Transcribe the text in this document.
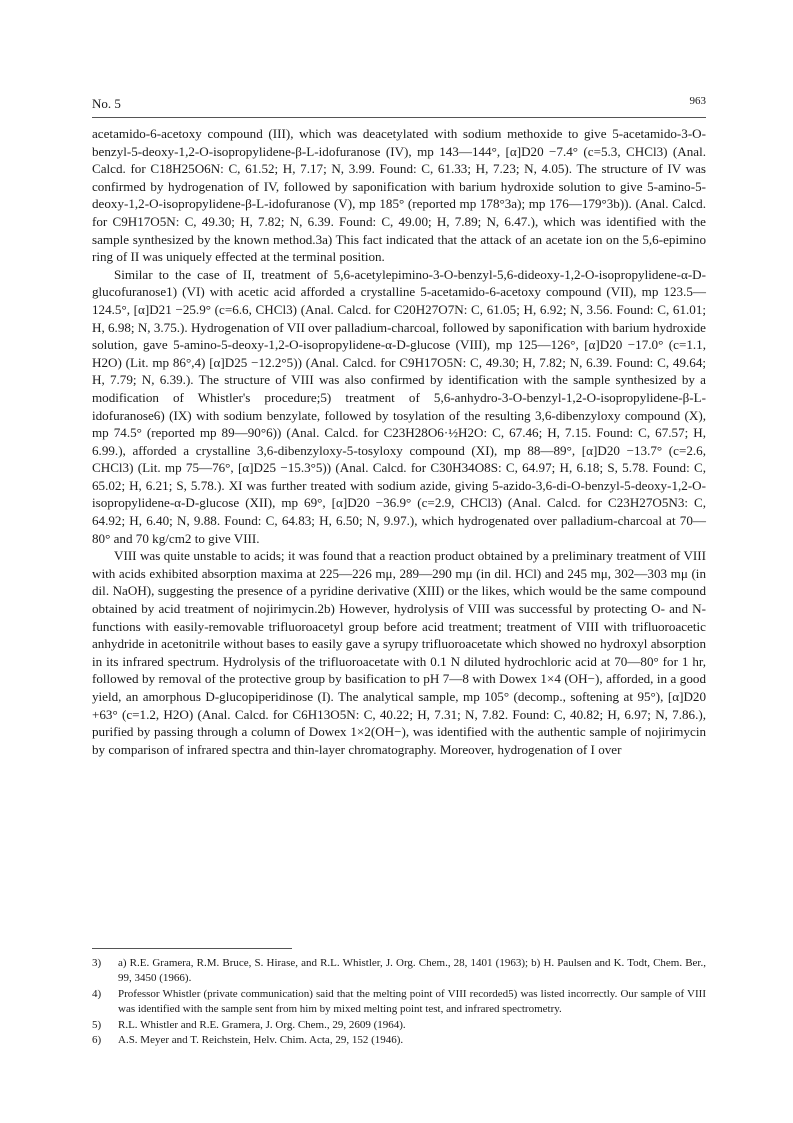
No. 5	963

acetamido-6-acetoxy compound (III), which was deacetylated with sodium methoxide to give 5-acetamido-3-O-benzyl-5-deoxy-1,2-O-isopropylidene-β-L-idofuranose (IV), mp 143—144°, [α]D20 −7.4° (c=5.3, CHCl3) (Anal. Calcd. for C18H25O6N: C, 61.52; H, 7.17; N, 3.99. Found: C, 61.33; H, 7.23; N, 4.05). The structure of IV was confirmed by hydrogenation of IV, followed by saponification with barium hydroxide solution to give 5-amino-5-deoxy-1,2-O-isopropylidene-β-L-idofuranose (V), mp 185° (reported mp 178°3a); mp 176—179°3b)). (Anal. Calcd. for C9H17O5N: C, 49.30; H, 7.82; N, 6.39. Found: C, 49.00; H, 7.89; N, 6.47.), which was identified with the sample synthesized by the known method.3a) This fact indicated that the attack of an acetate ion on the 5,6-epimino ring of II was uniquely effected at the terminal position.

Similar to the case of II, treatment of 5,6-acetylepimino-3-O-benzyl-5,6-dideoxy-1,2-O-isopropylidene-α-D-glucofuranose1) (VI) with acetic acid afforded a crystalline 5-acetamido-6-acetoxy compound (VII), mp 123.5—124.5°, [α]D21 −25.9° (c=6.6, CHCl3) (Anal. Calcd. for C20H27O7N: C, 61.05; H, 6.92; N, 3.56. Found: C, 61.01; H, 6.98; N, 3.75.). Hydrogenation of VII over palladium-charcoal, followed by saponification with barium hydroxide solution, gave 5-amino-5-deoxy-1,2-O-isopropylidene-α-D-glucose (VIII), mp 125—126°, [α]D20 −17.0° (c=1.1, H2O) (Lit. mp 86°,4) [α]D25 −12.2°5)) (Anal. Calcd. for C9H17O5N: C, 49.30; H, 7.82; N, 6.39. Found: C, 49.64; H, 7.79; N, 6.39.). The structure of VIII was also confirmed by identification with the sample synthesized by a modification of Whistler's procedure;5) treatment of 5,6-anhydro-3-O-benzyl-1,2-O-isopropylidene-β-L-idofuranose6) (IX) with sodium benzylate, followed by tosylation of the resulting 3,6-dibenzyloxy compound (X), mp 74.5° (reported mp 89—90°6)) (Anal. Calcd. for C23H28O6·½H2O: C, 67.46; H, 7.15. Found: C, 67.57; H, 6.99.), afforded a crystalline 3,6-dibenzyloxy-5-tosyloxy compound (XI), mp 88—89°, [α]D20 −13.7° (c=2.6, CHCl3) (Lit. mp 75—76°, [α]D25 −15.3°5)) (Anal. Calcd. for C30H34O8S: C, 64.97; H, 6.18; S, 5.78. Found: C, 65.02; H, 6.21; S, 5.78.). XI was further treated with sodium azide, giving 5-azido-3,6-di-O-benzyl-5-deoxy-1,2-O-isopropylidene-α-D-glucose (XII), mp 69°, [α]D20 −36.9° (c=2.9, CHCl3) (Anal. Calcd. for C23H27O5N3: C, 64.92; H, 6.40; N, 9.88. Found: C, 64.83; H, 6.50; N, 9.97.), which hydrogenated over palladium-charcoal at 70—80° and 70 kg/cm2 to give VIII.

VIII was quite unstable to acids; it was found that a reaction product obtained by a preliminary treatment of VIII with acids exhibited absorption maxima at 225—226 mμ, 289—290 mμ (in dil. HCl) and 245 mμ, 302—303 mμ (in dil. NaOH), suggesting the presence of a pyridine derivative (XIII) or the likes, which would be the same compound obtained by acid treatment of nojirimycin.2b) However, hydrolysis of VIII was successful by protecting O- and N-functions with easily-removable trifluoroacetyl group before acid treatment; treatment of VIII with trifluoroacetic anhydride in acetonitrile without bases to easily gave a syrupy trifluoroacetate which showed no hydroxyl absorption in its infrared spectrum. Hydrolysis of the trifluoroacetate with 0.1 N diluted hydrochloric acid at 70—80° for 1 hr, followed by removal of the protective group by basification to pH 7—8 with Dowex 1×4 (OH−), afforded, in a good yield, an amorphous D-glucopiperidinose (I). The analytical sample, mp 105° (decomp., softening at 95°), [α]D20 +63° (c=1.2, H2O) (Anal. Calcd. for C6H13O5N: C, 40.22; H, 7.31; N, 7.82. Found: C, 40.82; H, 6.97; N, 7.86.), purified by passing through a column of Dowex 1×2(OH−), was identified with the authentic sample of nojirimycin by comparison of infrared spectra and thin-layer chromatography. Moreover, hydrogenation of I over

3)	a) R.E. Gramera, R.M. Bruce, S. Hirase, and R.L. Whistler, J. Org. Chem., 28, 1401 (1963); b) H. Paulsen and K. Todt, Chem. Ber., 99, 3450 (1966).
4)	Professor Whistler (private communication) said that the melting point of VIII recorded5) was listed incorrectly. Our sample of VIII was identified with the sample sent from him by mixed melting point test, and infrared spectrometry.
5)	R.L. Whistler and R.E. Gramera, J. Org. Chem., 29, 2609 (1964).
6)	A.S. Meyer and T. Reichstein, Helv. Chim. Acta, 29, 152 (1946).
